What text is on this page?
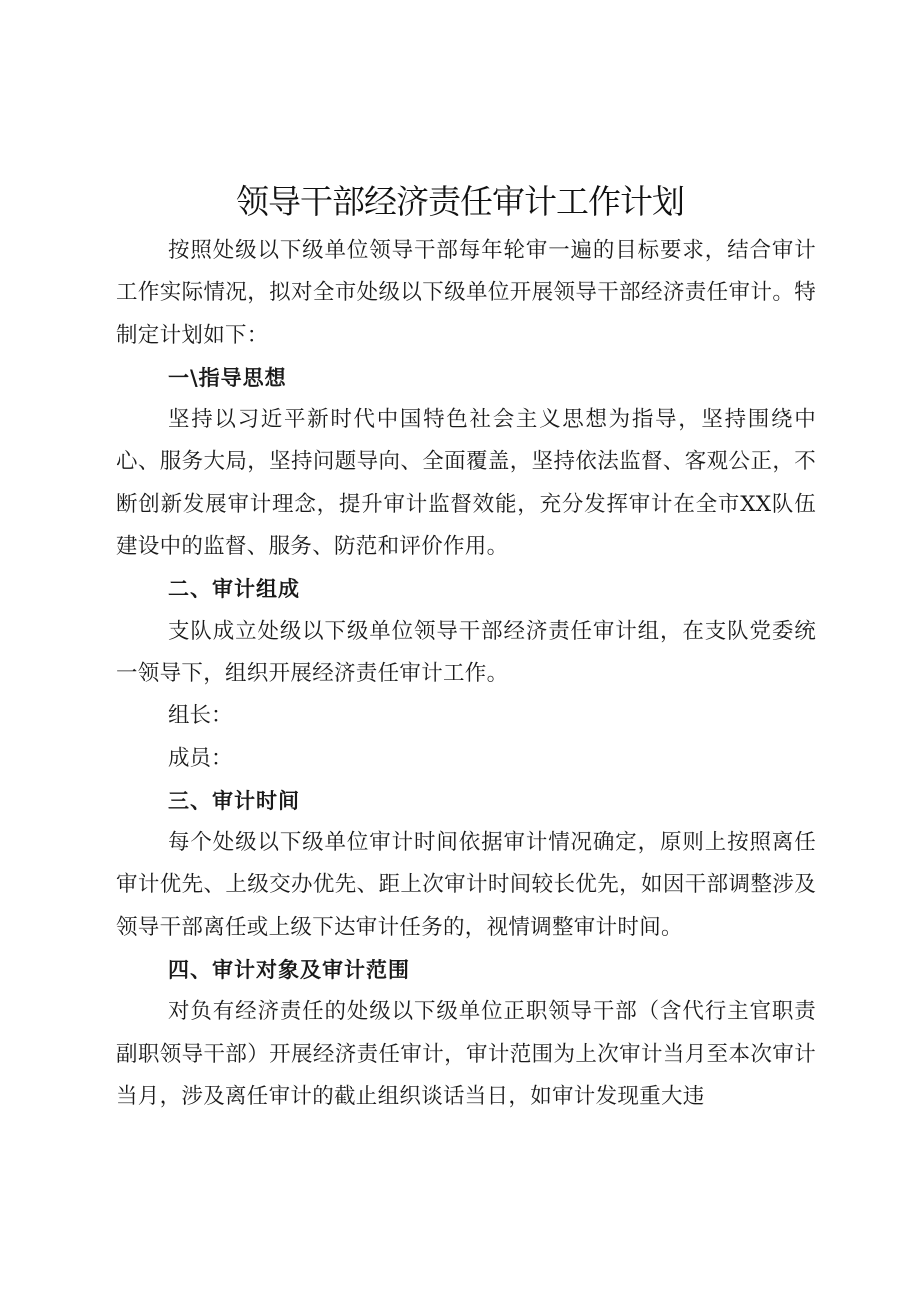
领导干部经济责任审计工作计划

按照处级以下级单位领导干部每年轮审一遍的目标要求，结合审计工作实际情况，拟对全市处级以下级单位开展领导干部经济责任审计。特制定计划如下：

一\指导思想

坚持以习近平新时代中国特色社会主义思想为指导，坚持围绕中心、服务大局，坚持问题导向、全面覆盖，坚持依法监督、客观公正，不断创新发展审计理念，提升审计监督效能，充分发挥审计在全市XX队伍建设中的监督、服务、防范和评价作用。

二、审计组成

支队成立处级以下级单位领导干部经济责任审计组，在支队党委统一领导下，组织开展经济责任审计工作。

组长：

成员：

三、审计时间

每个处级以下级单位审计时间依据审计情况确定，原则上按照离任审计优先、上级交办优先、距上次审计时间较长优先，如因干部调整涉及领导干部离任或上级下达审计任务的，视情调整审计时间。

四、审计对象及审计范围

对负有经济责任的处级以下级单位正职领导干部（含代行主官职责副职领导干部）开展经济责任审计，审计范围为上次审计当月至本次审计当月，涉及离任审计的截止组织谈话当日，如审计发现重大违
